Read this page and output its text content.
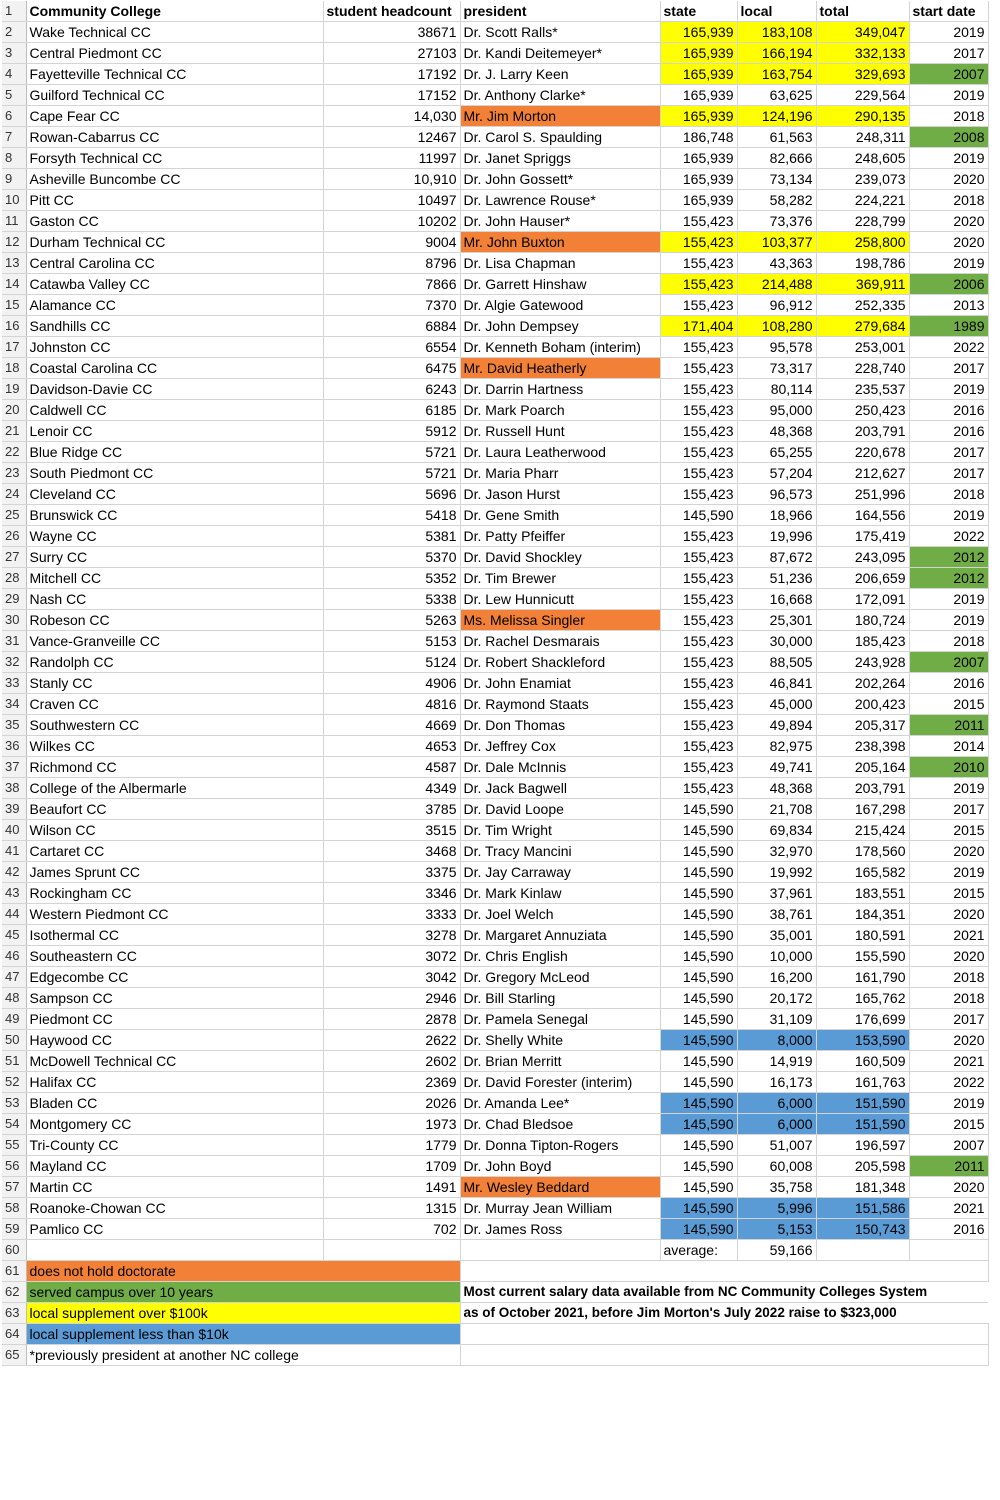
1	Community College	student headcount	president	state	local	total	start date
2	Wake Technical CC	38671	Dr. Scott Ralls*	165,939	183,108	349,047	2019
3	Central Piedmont CC	27103	Dr. Kandi Deitemeyer*	165,939	166,194	332,133	2017
4	Fayetteville Technical CC	17192	Dr. J. Larry Keen	165,939	163,754	329,693	2007
5	Guilford Technical CC	17152	Dr. Anthony Clarke*	165,939	63,625	229,564	2019
6	Cape Fear CC	14,030	Mr. Jim Morton	165,939	124,196	290,135	2018
7	Rowan-Cabarrus CC	12467	Dr. Carol S. Spaulding	186,748	61,563	248,311	2008
8	Forsyth Technical CC	11997	Dr. Janet Spriggs	165,939	82,666	248,605	2019
9	Asheville Buncombe CC	10,910	Dr. John Gossett*	165,939	73,134	239,073	2020
10	Pitt CC	10497	Dr. Lawrence Rouse*	165,939	58,282	224,221	2018
11	Gaston CC	10202	Dr. John Hauser*	155,423	73,376	228,799	2020
12	Durham Technical CC	9004	Mr. John Buxton	155,423	103,377	258,800	2020
13	Central Carolina CC	8796	Dr. Lisa Chapman	155,423	43,363	198,786	2019
14	Catawba Valley CC	7866	Dr. Garrett Hinshaw	155,423	214,488	369,911	2006
15	Alamance CC	7370	Dr. Algie Gatewood	155,423	96,912	252,335	2013
16	Sandhills CC	6884	Dr. John Dempsey	171,404	108,280	279,684	1989
17	Johnston CC	6554	Dr. Kenneth Boham (interim)	155,423	95,578	253,001	2022
18	Coastal Carolina CC	6475	Mr. David Heatherly	155,423	73,317	228,740	2017
19	Davidson-Davie CC	6243	Dr. Darrin Hartness	155,423	80,114	235,537	2019
20	Caldwell CC	6185	Dr. Mark Poarch	155,423	95,000	250,423	2016
21	Lenoir CC	5912	Dr. Russell Hunt	155,423	48,368	203,791	2016
22	Blue Ridge CC	5721	Dr. Laura Leatherwood	155,423	65,255	220,678	2017
23	South Piedmont CC	5721	Dr. Maria Pharr	155,423	57,204	212,627	2017
24	Cleveland CC	5696	Dr. Jason Hurst	155,423	96,573	251,996	2018
25	Brunswick CC	5418	Dr. Gene Smith	145,590	18,966	164,556	2019
26	Wayne CC	5381	Dr. Patty Pfeiffer	155,423	19,996	175,419	2022
27	Surry CC	5370	Dr. David Shockley	155,423	87,672	243,095	2012
28	Mitchell CC	5352	Dr. Tim Brewer	155,423	51,236	206,659	2012
29	Nash CC	5338	Dr. Lew Hunnicutt	155,423	16,668	172,091	2019
30	Robeson CC	5263	Ms. Melissa Singler	155,423	25,301	180,724	2019
31	Vance-Granveille CC	5153	Dr. Rachel Desmarais	155,423	30,000	185,423	2018
32	Randolph CC	5124	Dr. Robert Shackleford	155,423	88,505	243,928	2007
33	Stanly CC	4906	Dr. John Enamiat	155,423	46,841	202,264	2016
34	Craven CC	4816	Dr. Raymond Staats	155,423	45,000	200,423	2015
35	Southwestern CC	4669	Dr. Don Thomas	155,423	49,894	205,317	2011
36	Wilkes CC	4653	Dr. Jeffrey Cox	155,423	82,975	238,398	2014
37	Richmond CC	4587	Dr. Dale McInnis	155,423	49,741	205,164	2010
38	College of the Albermarle	4349	Dr. Jack Bagwell	155,423	48,368	203,791	2019
39	Beaufort CC	3785	Dr. David Loope	145,590	21,708	167,298	2017
40	Wilson CC	3515	Dr. Tim Wright	145,590	69,834	215,424	2015
41	Cartaret CC	3468	Dr. Tracy Mancini	145,590	32,970	178,560	2020
42	James Sprunt CC	3375	Dr. Jay Carraway	145,590	19,992	165,582	2019
43	Rockingham CC	3346	Dr. Mark Kinlaw	145,590	37,961	183,551	2015
44	Western Piedmont CC	3333	Dr. Joel Welch	145,590	38,761	184,351	2020
45	Isothermal CC	3278	Dr. Margaret Annuziata	145,590	35,001	180,591	2021
46	Southeastern CC	3072	Dr. Chris English	145,590	10,000	155,590	2020
47	Edgecombe CC	3042	Dr. Gregory McLeod	145,590	16,200	161,790	2018
48	Sampson CC	2946	Dr. Bill Starling	145,590	20,172	165,762	2018
49	Piedmont CC	2878	Dr. Pamela Senegal	145,590	31,109	176,699	2017
50	Haywood CC	2622	Dr. Shelly White	145,590	8,000	153,590	2020
51	McDowell Technical CC	2602	Dr. Brian Merritt	145,590	14,919	160,509	2021
52	Halifax CC	2369	Dr. David Forester (interim)	145,590	16,173	161,763	2022
53	Bladen CC	2026	Dr. Amanda Lee*	145,590	6,000	151,590	2019
54	Montgomery CC	1973	Dr. Chad Bledsoe	145,590	6,000	151,590	2015
55	Tri-County CC	1779	Dr. Donna Tipton-Rogers	145,590	51,007	196,597	2007
56	Mayland CC	1709	Dr. John Boyd	145,590	60,008	205,598	2011
57	Martin CC	1491	Mr. Wesley Beddard	145,590	35,758	181,348	2020
58	Roanoke-Chowan CC	1315	Dr. Murray Jean William	145,590	5,996	151,586	2021
59	Pamlico CC	702	Dr. James Ross	145,590	5,153	150,743	2016
60				average:	59,166		
61	does not hold doctorate						
62	served campus over 10 years		Most current salary data available from NC Community Colleges System				
63	local supplement over $100k		as of October 2021, before Jim Morton's July 2022 raise to $323,000				
64	local supplement less than $10k						
65	*previously president at another NC college						
